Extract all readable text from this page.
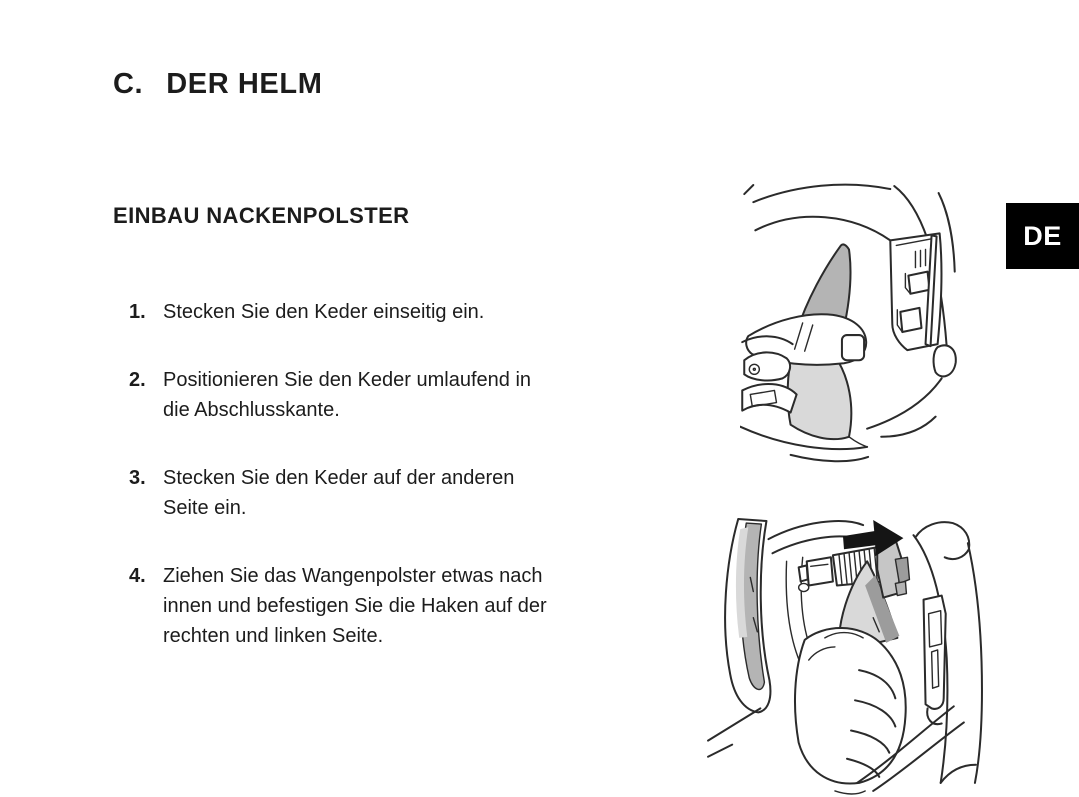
C. DER HELM
EINBAU NACKENPOLSTER
1. Stecken Sie den Keder einseitig ein.
2. Positionieren Sie den Keder umlaufend in
die Abschlusskante.
3. Stecken Sie den Keder auf der anderen
Seite ein.
4. Ziehen Sie das Wangenpolster etwas nach
innen und befestigen Sie die Haken auf der
rechten und linken Seite.
DE
